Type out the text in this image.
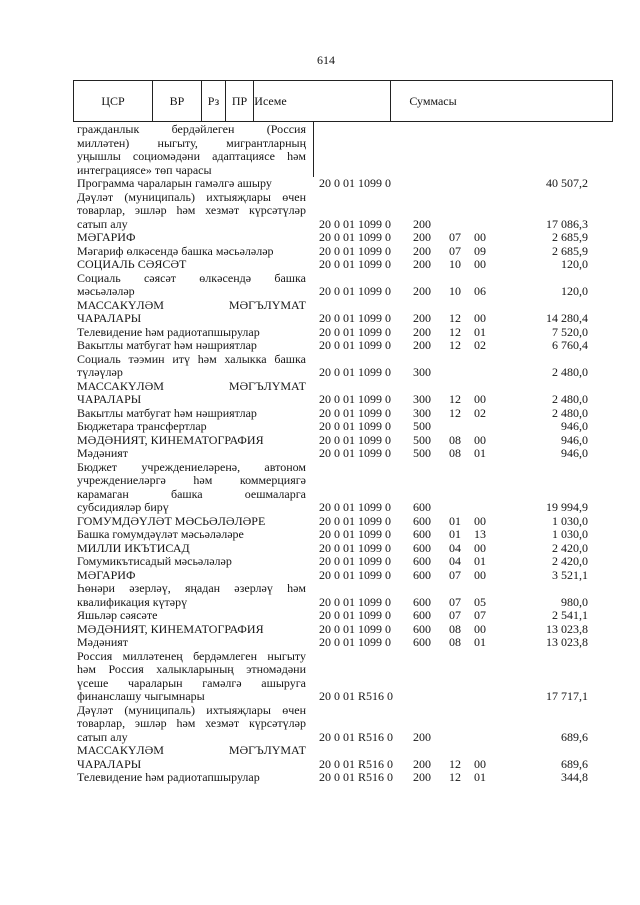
614
Исеме
ЦСР	ВР	Рз	ПР	Суммасы
гражданлык бердәйлеген (Россия
милләтен) ныгыту, мигрантларның
уңышлы социомәдәни адаптациясе һәм
интеграциясе» төп чарасы
Программа чараларын гамәлгә ашыру	20 0 01 1099 0	40 507,2
Дәүләт (муниципаль) ихтыяҗлары өчен
товарлар, эшләр һәм хезмәт күрсәтүләр
сатып алу	20 0 01 1099 0 200	17 086,3
МӘГАРИФ	20 0 01 1099 0 200 07 00	2 685,9
Мәгариф өлкәсендә башка мәсьәләләр	20 0 01 1099 0 200 07 09	2 685,9
СОЦИАЛЬ СӘЯСӘТ	20 0 01 1099 0 200 10 00	120,0
Социаль сәясәт өлкәсендә башка
мәсьәләләр	20 0 01 1099 0 200 10 06	120,0
МАССАКҮЛӘМ МӘГЪЛҮМАТ
ЧАРАЛАРЫ	20 0 01 1099 0 200 12 00	14 280,4
Телевидение һәм радиотапшырулар	20 0 01 1099 0 200 12 01	7 520,0
Вакытлы матбугат һәм нәшриятлар	20 0 01 1099 0 200 12 02	6 760,4
Социаль тәэмин итү һәм халыкка башка
түләүләр	20 0 01 1099 0 300	2 480,0
МАССАКҮЛӘМ МӘГЪЛҮМАТ
ЧАРАЛАРЫ	20 0 01 1099 0 300 12 00	2 480,0
Вакытлы матбугат һәм нәшриятлар	20 0 01 1099 0 300 12 02	2 480,0
Бюджетара трансфертлар	20 0 01 1099 0 500	946,0
МӘДӘНИЯТ, КИНЕМАТОГРАФИЯ	20 0 01 1099 0 500 08 00	946,0
Мәдәният	20 0 01 1099 0 500 08 01	946,0
Бюджет учреждениеләренә, автоном
учреждениеләргә һәм коммерциягә
карамаган башка оешмаларга
субсидияләр бирү	20 0 01 1099 0 600	19 994,9
ГОМУМДӘҮЛӘТ МӘСЬӘЛӘЛӘРЕ	20 0 01 1099 0 600 01 00	1 030,0
Башка гомумдәүләт мәсьәләләре	20 0 01 1099 0 600 01 13	1 030,0
МИЛЛИ ИКЪТИСАД	20 0 01 1099 0 600 04 00	2 420,0
Гомумикътисадый мәсьәләләр	20 0 01 1099 0 600 04 01	2 420,0
МӘГАРИФ	20 0 01 1099 0 600 07 00	3 521,1
Һөнәри әзерләү, яңадан әзерләү һәм
квалификация күтәрү	20 0 01 1099 0 600 07 05	980,0
Яшьләр сәясәте	20 0 01 1099 0 600 07 07	2 541,1
МӘДӘНИЯТ, КИНЕМАТОГРАФИЯ	20 0 01 1099 0 600 08 00	13 023,8
Мәдәният	20 0 01 1099 0 600 08 01	13 023,8
Россия милләтенең бердәмлеген ныгыту
һәм Россия халыкларының этномәдәни
үсеше чараларын гамәлгә ашыруга
финанслашу чыгымнары	20 0 01 R516 0	17 717,1
Дәүләт (муниципаль) ихтыяҗлары өчен
товарлар, эшләр һәм хезмәт күрсәтүләр
сатып алу	20 0 01 R516 0 200	689,6
МАССАКҮЛӘМ МӘГЪЛҮМАТ
ЧАРАЛАРЫ	20 0 01 R516 0 200 12 00	689,6
Телевидение һәм радиотапшырулар	20 0 01 R516 0 200 12 01	344,8
